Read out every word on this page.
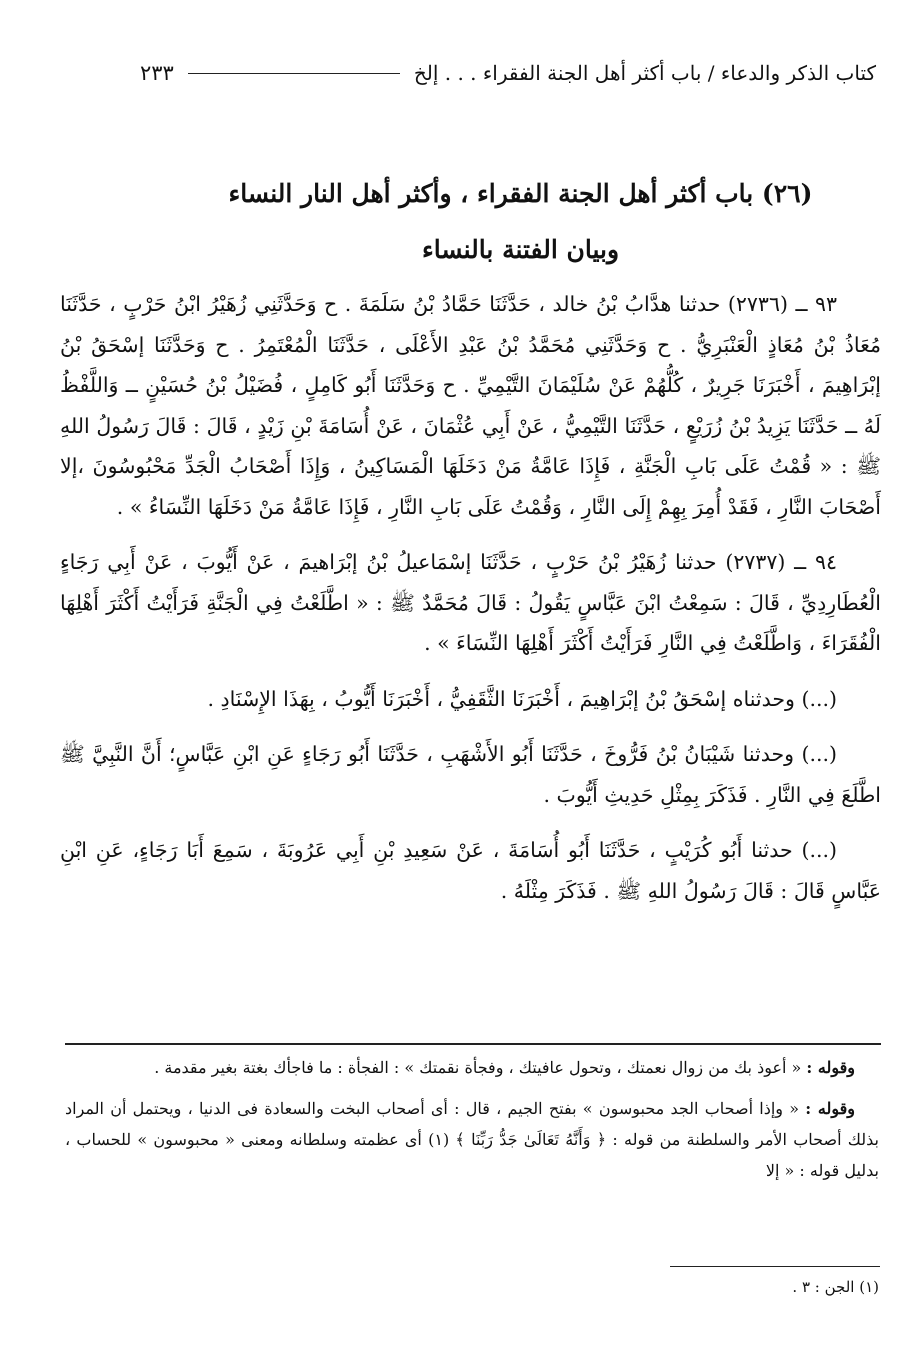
كتاب الذكر والدعاء / باب أكثر أهل الجنة الفقراء . . . إلخ
٢٣٣
(٢٦) باب أكثر أهل الجنة الفقراء ، وأكثر أهل النار النساء
وبيان الفتنة بالنساء

٩٣ ــ (٢٧٣٦) حدثنا هدَّابُ بْنُ خالد ، حَدَّثَنَا حَمَّادُ بْنُ سَلَمَةَ . ح وَحَدَّثَنِي زُهَيْرُ ابْنُ حَرْبٍ ، حَدَّثَنَا مُعَاذُ بْنُ مُعَاذٍ الْعَنْبَرِيُّ . ح وَحَدَّثَنِي مُحَمَّدُ بْنُ عَبْدِ الأَعْلَى ، حَدَّثَنَا الْمُعْتَمِرُ . ح وَحَدَّثَنَا إسْحَقُ بْنُ إبْرَاهِيمَ ، أَخْبَرَنَا جَرِيرٌ ، كُلُّهُمْ عَنْ سُلَيْمَانَ التَّيْمِيِّ . ح وَحَدَّثَنَا أَبُو كَامِلٍ ، فُضَيْلُ بْنُ حُسَيْنٍ ــ وَاللَّفْظُ لَهُ ــ حَدَّثَنَا يَزِيدُ بْنُ زُرَيْعٍ ، حَدَّثَنَا التَّيْمِيُّ ، عَنْ أَبِي عُثْمَانَ ، عَنْ أُسَامَةَ بْنِ زَيْدٍ ، قَالَ : قَالَ رَسُولُ اللهِ ﷺ : « قُمْتُ عَلَى بَابِ الْجَنَّةِ ، فَإِذَا عَامَّةُ مَنْ دَخَلَهَا الْمَسَاكِينُ ، وَإِذَا أَصْحَابُ الْجَدِّ مَحْبُوسُونَ ،إلا أَصْحَابَ النَّارِ ، فَقَدْ أُمِرَ بِهِمْ إِلَى النَّارِ ، وَقُمْتُ عَلَى بَابِ النَّارِ ، فَإِذَا عَامَّةُ مَنْ دَخَلَهَا النِّسَاءُ » .

٩٤ ــ (٢٧٣٧) حدثنا زُهَيْرُ بْنُ حَرْبٍ ، حَدَّثَنَا إسْمَاعيلُ بْنُ إبْرَاهيمَ ، عَنْ أَيُّوبَ ، عَنْ أَبِي رَجَاءٍ الْعُطَارِدِيِّ ، قَالَ : سَمِعْتُ ابْنَ عَبَّاسٍ يَقُولُ : قَالَ مُحَمَّدٌ ﷺ : « اطَّلَعْتُ فِي الْجَنَّةِ فَرَأَيْتُ أَكْثَرَ أَهْلِهَا الْفُقَرَاءَ ، وَاطَّلَعْتُ فِي النَّارِ فَرَأَيْتُ أَكْثَرَ أَهْلِهَا النِّسَاءَ » .

(...) وحدثناه إسْحَقُ بْنُ إبْرَاهِيمَ ، أَخْبَرَنَا الثَّقَفِيُّ ، أَخْبَرَنَا أَيُّوبُ ، بِهَذَا الإِسْنَادِ .

(...) وحدثنا شَيْبَانُ بْنُ فَرُّوخَ ، حَدَّثَنَا أَبُو الأَشْهَبِ ، حَدَّثَنَا أَبُو رَجَاءٍ عَنِ ابْنِ عَبَّاسٍ؛ أَنَّ النَّبِيَّ ﷺ اطَّلَعَ فِي النَّارِ . فَذَكَرَ بِمِثْلِ حَدِيثِ أَيُّوبَ .

(...) حدثنا أَبُو كُرَيْبٍ ، حَدَّثَنَا أَبُو أُسَامَةَ ، عَنْ سَعِيدِ بْنِ أَبِي عَرُوبَةَ ، سَمِعَ أَبَا رَجَاءٍ، عَنِ ابْنِ عَبَّاسٍ قَالَ : قَالَ رَسُولُ اللهِ ﷺ . فَذَكَرَ مِثْلَهُ .

وقوله : « أعوذ بك من زوال نعمتك ، وتحول عافيتك ، وفجأة نقمتك » : الفجأة : ما فاجأك بغتة بغير مقدمة .

وقوله : « وإذا أصحاب الجد محبوسون » بفتح الجيم ، قال : أى أصحاب البخت والسعادة فى الدنيا ، ويحتمل أن المراد بذلك أصحاب الأمر والسلطنة من قوله : ﴿ وَأَنَّهُ تَعَالَىٰ جَدُّ رَبِّنَا ﴾ (١) أى عظمته وسلطانه ومعنى « محبوسون » للحساب ، بدليل قوله : « إلا

(١) الجن : ٣ .
